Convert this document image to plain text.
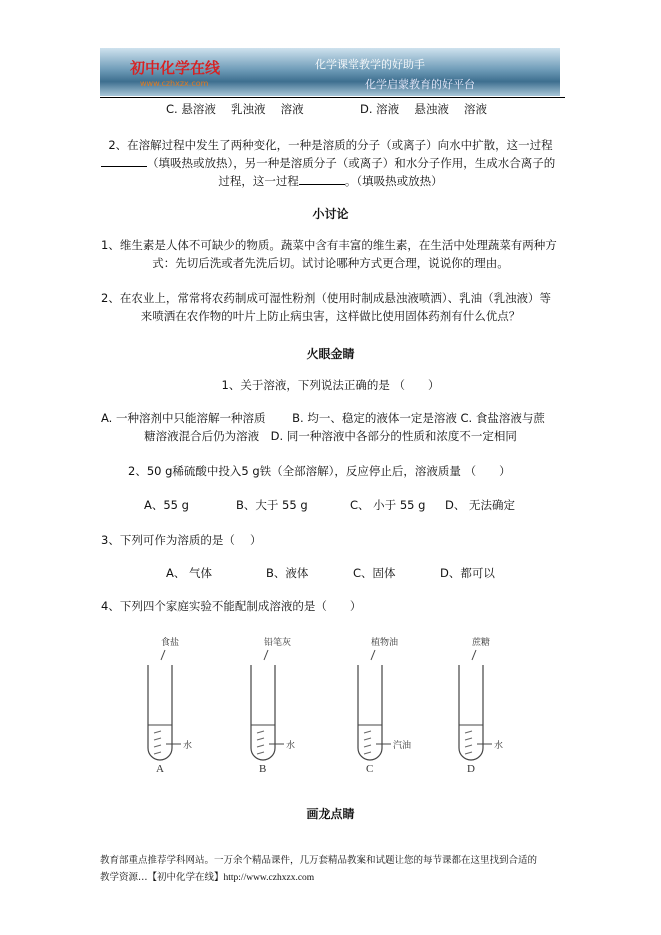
初中化学在线
www.czhxzx.com
化学课堂教学的好助手
化学启蒙教育的好平台
C. 悬溶液　 乳浊液　 溶液	D. 溶液　 悬浊液　 溶液
2、在溶解过程中发生了两种变化，一种是溶质的分子（或离子）向水中扩散，这一过程
（填吸热或放热），另一种是溶质分子（或离子）和水分子作用，生成水合离子的
过程，这一过程	。（填吸热或放热）
小讨论
1、维生素是人体不可缺少的物质。蔬菜中含有丰富的维生素，在生活中处理蔬菜有两种方
式：先切后洗或者先洗后切。试讨论哪种方式更合理，说说你的理由。
2、在农业上，常常将农药制成可湿性粉剂（使用时制成悬浊液喷洒）、乳油（乳浊液）等
来喷洒在农作物的叶片上防止病虫害，这样做比使用固体药剂有什么优点？
火眼金睛
1、关于溶液，下列说法正确的是 （　　）
A. 一种溶剂中只能溶解一种溶质　　 B. 均一、稳定的液体一定是溶液 C. 食盐溶液与蔗
糖溶液混合后仍为溶液　D. 同一种溶液中各部分的性质和浓度不一定相同
2、50 g稀硫酸中投入5 g铁（全部溶解），反应停止后，溶液质量 （　　）
A、55 g	B、大于 55 g	C、 小于 55 g D、 无法确定
3、下列可作为溶质的是（　 ）
A、 气体	B、液体	C、固体	D、都可以
4、下列四个家庭实验不能配制成溶液的是（　　）
食盐
水
A
铅笔灰
水
B
植物油
汽油
C
蔗糖
水
D
画龙点睛
教育部重点推荐学科网站。一万余个精品课件，几万套精品教案和试题让您的每节课都在这里找到合适的
教学资源…【初中化学在线】http://www.czhxzx.com
